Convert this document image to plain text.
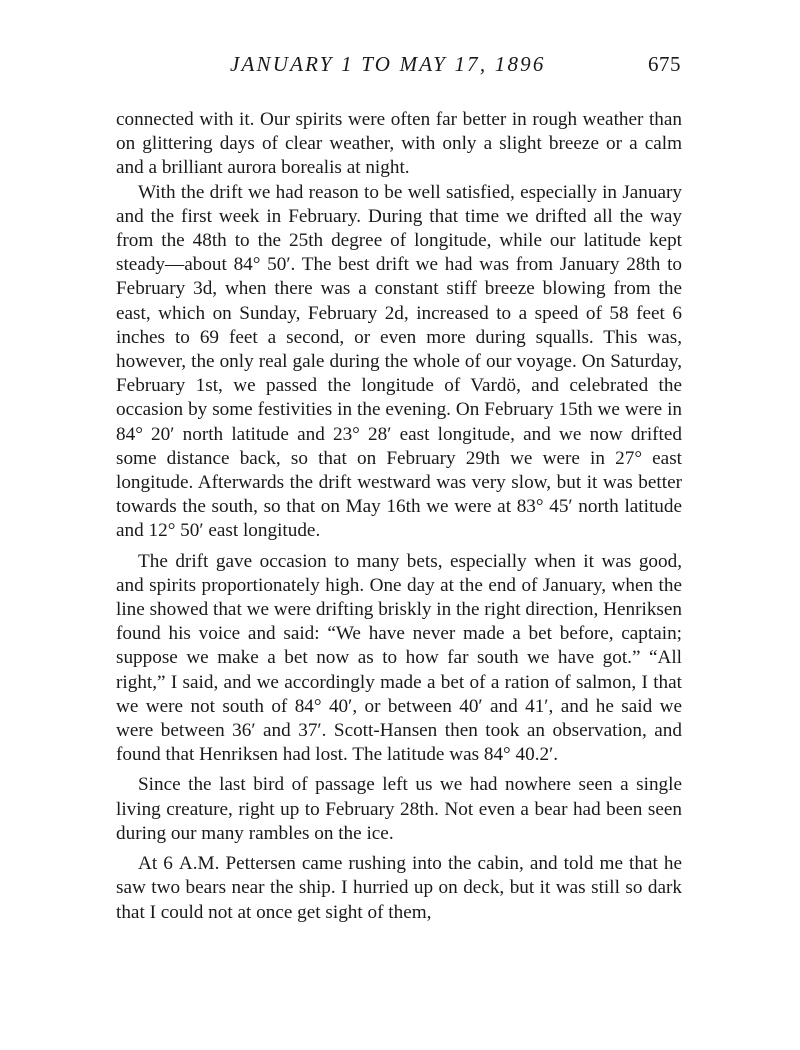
JANUARY 1 TO MAY 17, 1896	675

connected with it. Our spirits were often far better in rough weather than on glittering days of clear weather, with only a slight breeze or a calm and a brilliant aurora borealis at night.

With the drift we had reason to be well satisfied, especially in January and the first week in February. During that time we drifted all the way from the 48th to the 25th degree of longitude, while our latitude kept steady—about 84° 50′. The best drift we had was from January 28th to February 3d, when there was a constant stiff breeze blowing from the east, which on Sunday, February 2d, increased to a speed of 58 feet 6 inches to 69 feet a second, or even more during squalls. This was, however, the only real gale during the whole of our voyage. On Saturday, February 1st, we passed the longitude of Vardö, and celebrated the occasion by some festivities in the evening. On February 15th we were in 84° 20′ north latitude and 23° 28′ east longitude, and we now drifted some distance back, so that on February 29th we were in 27° east longitude. Afterwards the drift westward was very slow, but it was better towards the south, so that on May 16th we were at 83° 45′ north latitude and 12° 50′ east longitude.

The drift gave occasion to many bets, especially when it was good, and spirits proportionately high. One day at the end of January, when the line showed that we were drifting briskly in the right direction, Henriksen found his voice and said: “We have never made a bet before, captain; suppose we make a bet now as to how far south we have got.” “All right,” I said, and we accordingly made a bet of a ration of salmon, I that we were not south of 84° 40′, or between 40′ and 41′, and he said we were between 36′ and 37′. Scott-Hansen then took an observation, and found that Henriksen had lost. The latitude was 84° 40.2′.

Since the last bird of passage left us we had nowhere seen a single living creature, right up to February 28th. Not even a bear had been seen during our many rambles on the ice.

At 6 A.M. Pettersen came rushing into the cabin, and told me that he saw two bears near the ship. I hurried up on deck, but it was still so dark that I could not at once get sight of them,
